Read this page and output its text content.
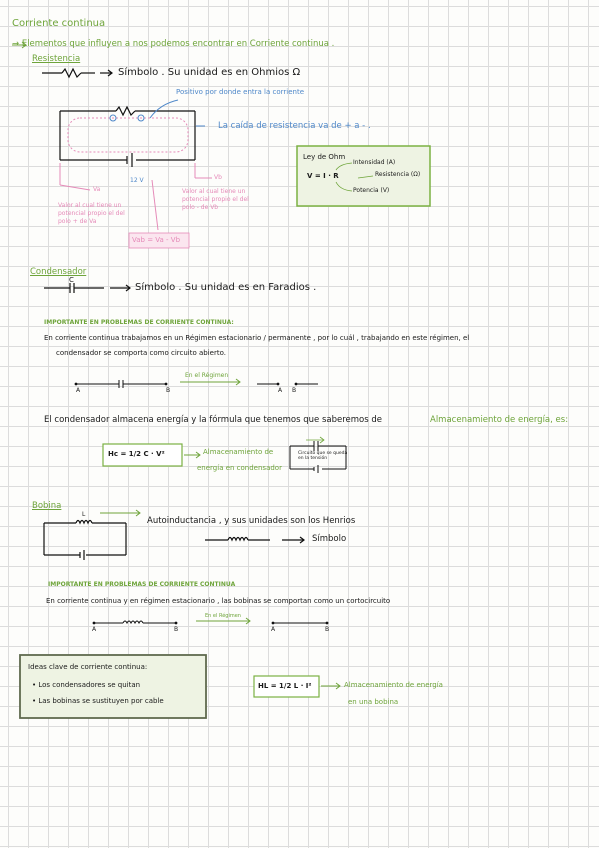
Corriente continua
→ Elementos que influyen a nos podemos encontrar en Corriente continua .
Resistencia
Símbolo . Su unidad es en Ohmios Ω
Positivo por donde entra la corriente
La caída de resistencia va de + a - .
Va
Vb
12 V
Valor al cual tiene un potencial propio el del polo + de Va
Valor al cual tiene un potencial propio el del polo - de Vb
Vab = Va - Vb
Ley de Ohm
V = I · R
Intensidad (A)
Resistencia (Ω)
Potencia (V)
Condensador
C
Símbolo . Su unidad es en Faradios .
IMPORTANTE EN PROBLEMAS DE CORRIENTE CONTINUA:
En corriente continua trabajamos en un Régimen estacionario / permanente , por lo cuál , trabajando en este régimen, el
condensador se comporta como circuito abierto.
En el Régimen
A	B	A B
El condensador almacena energía y la fórmula que tenemos que saberemos de	Almacenamiento de energía, es:
Hc = 1/2 C · V²	Almacenamiento de
energía en condensador
Circuito que se queda en la tensión
Bobina
L
Autoinductancia , y sus unidades son los Henrios
Símbolo
IMPORTANTE EN PROBLEMAS DE CORRIENTE CONTINUA
En corriente continua y en régimen estacionario , las bobinas se comportan como un cortocircuito
En el Régimen
A	B	A	B
Ideas clave de corriente continua:
• Los condensadores se quitan
• Las bobinas se sustituyen por cable
HL = 1/2 L · I²	Almacenamiento de energía
en una bobina
